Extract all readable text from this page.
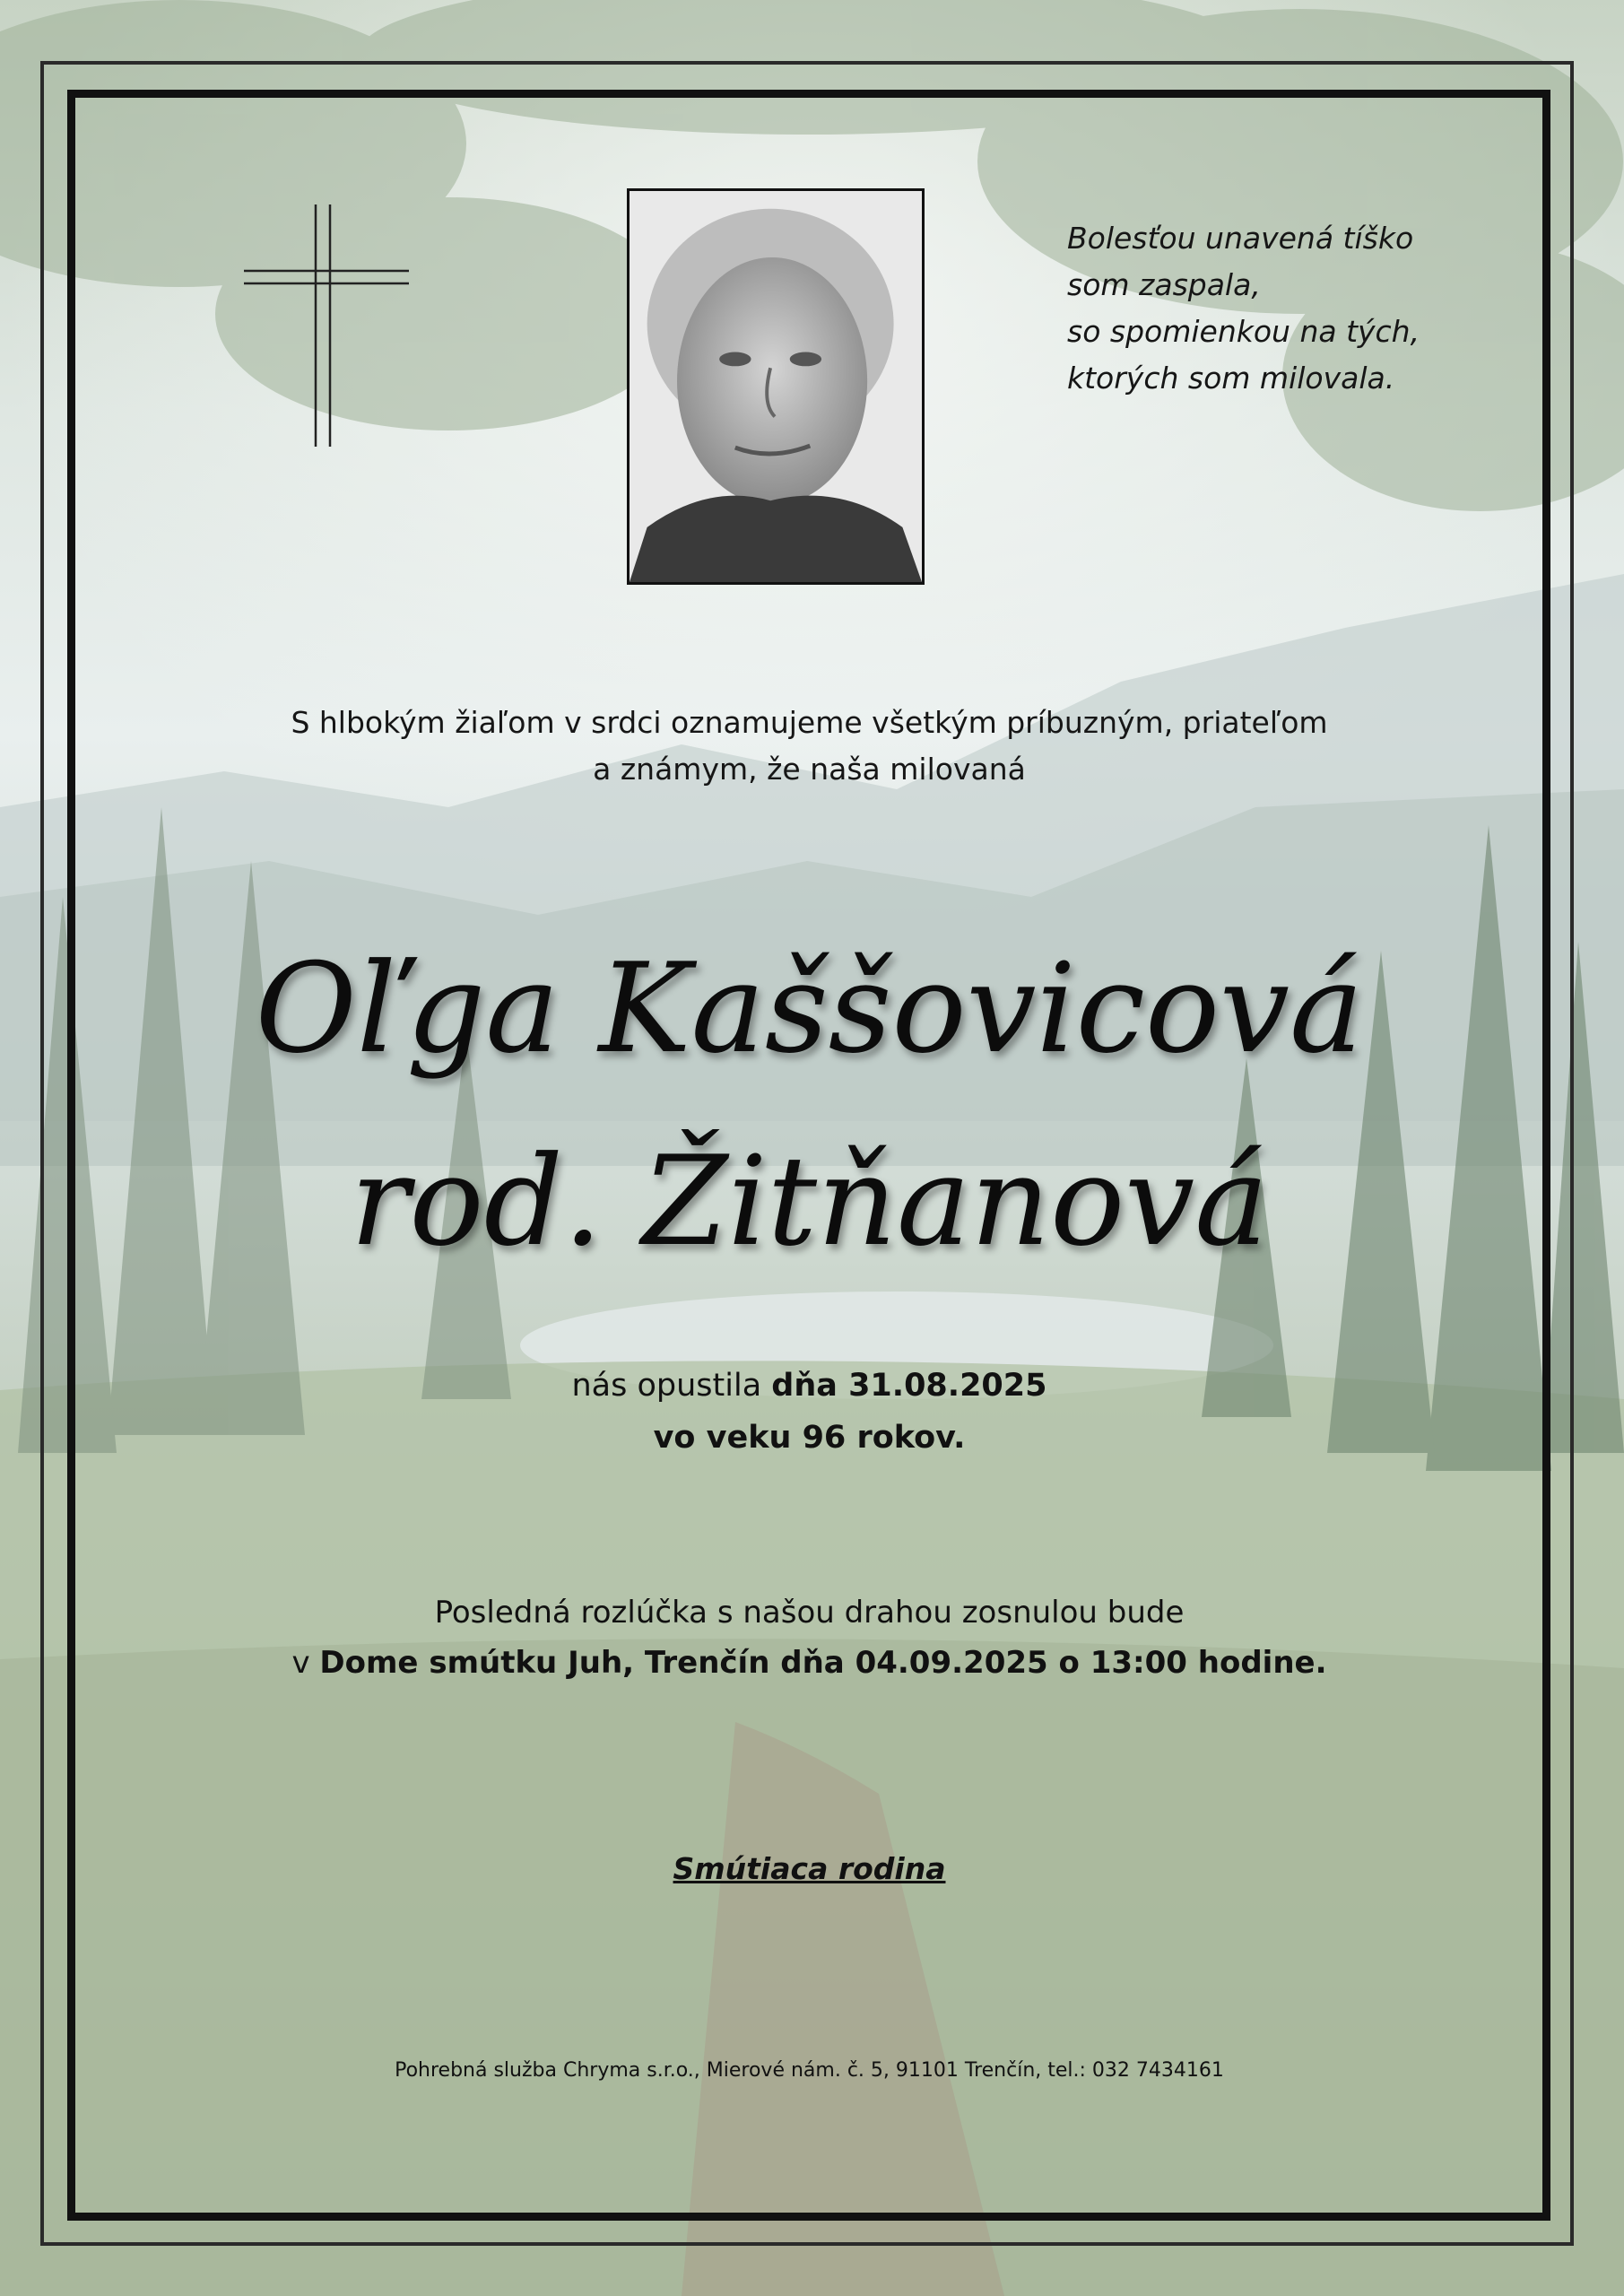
Bolesťou unavená tíško
som zaspala,
so spomienkou na tých,
ktorých som milovala.
S hlbokým žiaľom v srdci oznamujeme všetkým príbuzným, priateľom
a známym, že naša milovaná
Oľga Kaššovicová
rod. Žitňanová
nás opustila dňa 31.08.2025
vo veku 96 rokov.
Posledná rozlúčka s našou drahou zosnulou bude
v Dome smútku Juh, Trenčín dňa 04.09.2025 o 13:00 hodine.
Smútiaca rodina
Pohrebná služba Chryma s.r.o., Mierové nám. č. 5, 91101 Trenčín, tel.: 032 7434161
